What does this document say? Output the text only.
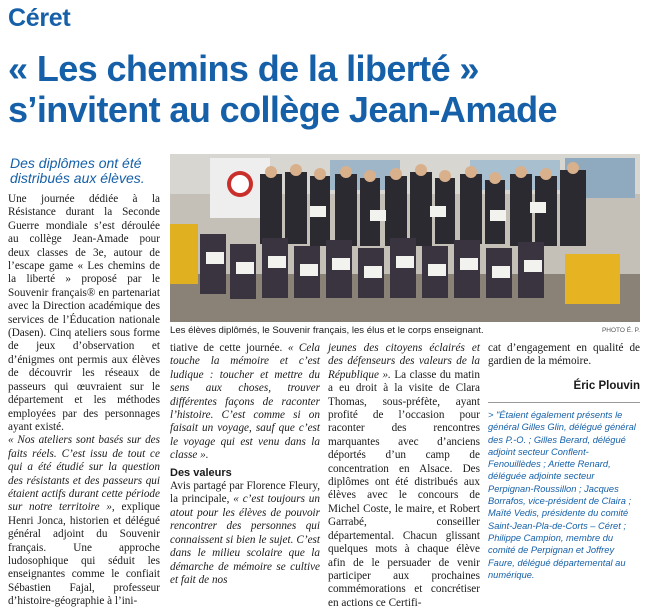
Céret
« Les chemins de la liberté »
s’invitent au collège Jean-Amade
Des diplômes ont été distribués aux élèves.

Une journée dédiée à la Résistance durant la Seconde Guerre mondiale s’est déroulée au collège Jean-Amade pour deux classes de 3e, autour de l’escape game « Les chemins de la liberté » proposé par le Souvenir français® en partenariat avec la Direction académique des services de l’Éducation nationale (Dasen). Cinq ateliers sous forme de jeux d’observation et d’énigmes ont permis aux élèves de découvrir les réseaux de passeurs qui œuvraient sur le département et les méthodes employées par des personnages ayant existé.

« Nos ateliers sont basés sur des faits réels. C’est issu de tout ce qui a été étudié sur la question des résistants et des passeurs qui étaient actifs durant cette période sur notre territoire », explique Henri Jonca, historien et délégué général adjoint du Souvenir français. Une approche ludosophique qui séduit les enseignantes comme le confiait Sébastien Fajal, professeur d’histoire-géographie à l’ini-

Les élèves diplômés, le Souvenir français, les élus et le corps enseignant.	PHOTO É. P.

tiative de cette journée. « Cela touche la mémoire et c’est ludique : toucher et mettre du sens aux choses, trouver différentes façons de raconter l’histoire. C’est comme si on faisait un voyage, sauf que c’est le voyage qui est venu dans la classe ».

Des valeurs

Avis partagé par Florence Fleury, la principale, « c’est toujours un atout pour les élèves de pouvoir rencontrer des personnes qui connaissent si bien le sujet. C’est dans le milieu scolaire que la démarche de mémoire se cultive et fait de nos

jeunes des citoyens éclairés et des défenseurs des valeurs de la République ». La classe du matin a eu droit à la visite de Clara Thomas, sous-préfète, ayant profité de l’occasion pour raconter des rencontres marquantes avec d’anciens déportés d’un camp de concentration en Alsace. Des diplômes ont été distribués aux élèves avec le concours de Michel Coste, le maire, et Robert Garrabé, conseiller départemental. Chacun glissant quelques mots à chaque élève afin de le persuader de venir participer aux prochaines commémorations et concrétiser en actions ce Certifi-

cat d’engagement en qualité de gardien de la mémoire.

Éric Plouvin

> "Étaient également présents le général Gilles Glin, délégué général des P.-O. ; Gilles Berard, délégué adjoint secteur Conflent-Fenouillèdes ; Ariette Renard, déléguée adjointe secteur Perpignan-Roussillon ; Jacques Borrafos, vice-président de Claira ; Maïté Vedis, présidente du comité Saint-Jean-Pla-de-Corts – Céret ; Philippe Campion, membre du comité de Perpignan et Joffrey Faure, délégué départemental au numérique.
